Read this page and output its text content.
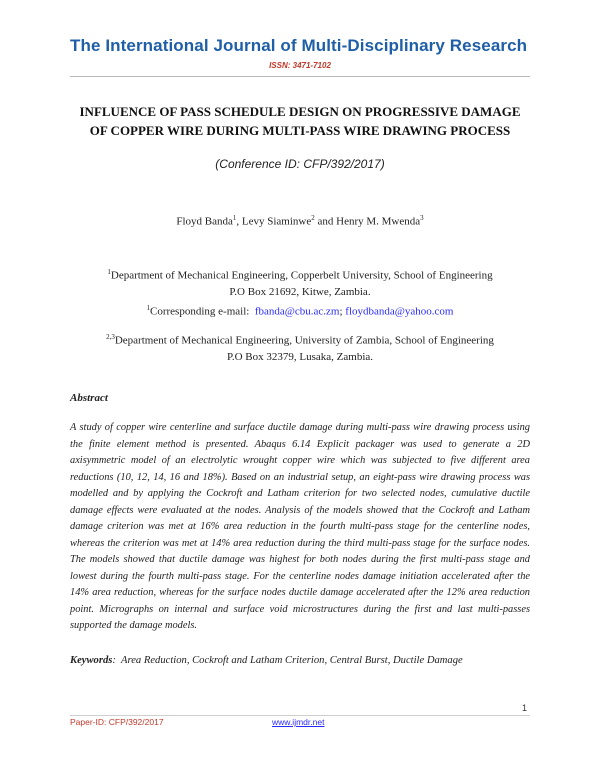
The International Journal of Multi-Disciplinary Research
ISSN: 3471-7102
INFLUENCE OF PASS SCHEDULE DESIGN ON PROGRESSIVE DAMAGE OF COPPER WIRE DURING MULTI-PASS WIRE DRAWING PROCESS
(Conference ID: CFP/392/2017)
Floyd Banda$^1$, Levy Siaminwe$^2$ and Henry M. Mwenda$^3$
$^1$Department of Mechanical Engineering, Copperbelt University, School of Engineering
P.O Box 21692, Kitwe, Zambia.
$^1$Corresponding e-mail: fbanda@cbu.ac.zm; floydbanda@yahoo.com
$^{2,3}$Department of Mechanical Engineering, University of Zambia, School of Engineering
P.O Box 32379, Lusaka, Zambia.
Abstract
A study of copper wire centerline and surface ductile damage during multi-pass wire drawing process using the finite element method is presented. Abaqus 6.14 Explicit packager was used to generate a 2D axisymmetric model of an electrolytic wrought copper wire which was subjected to five different area reductions (10, 12, 14, 16 and 18%). Based on an industrial setup, an eight-pass wire drawing process was modelled and by applying the Cockroft and Latham criterion for two selected nodes, cumulative ductile damage effects were evaluated at the nodes. Analysis of the models showed that the Cockroft and Latham damage criterion was met at 16% area reduction in the fourth multi-pass stage for the centerline nodes, whereas the criterion was met at 14% area reduction during the third multi-pass stage for the surface nodes. The models showed that ductile damage was highest for both nodes during the first multi-pass stage and lowest during the fourth multi-pass stage. For the centerline nodes damage initiation accelerated after the 14% area reduction, whereas for the surface nodes ductile damage accelerated after the 12% area reduction point. Micrographs on internal and surface void microstructures during the first and last multi-passes supported the damage models.
Keywords:  Area Reduction, Cockroft and Latham Criterion, Central Burst, Ductile Damage
1
Paper-ID: CFP/392/2017	www.ijmdr.net
